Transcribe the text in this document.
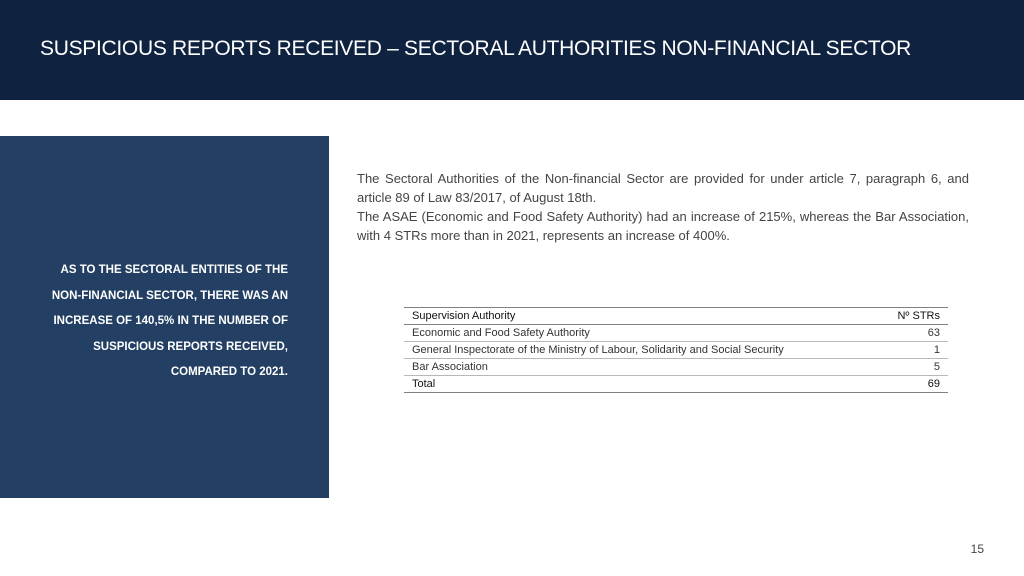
SUSPICIOUS REPORTS RECEIVED – SECTORAL AUTHORITIES NON-FINANCIAL SECTOR
AS TO THE SECTORAL ENTITIES OF THE
NON-FINANCIAL SECTOR, THERE WAS AN
INCREASE OF 140,5% IN THE NUMBER OF
SUSPICIOUS REPORTS RECEIVED,
COMPARED TO 2021.

The Sectoral Authorities of the Non-financial Sector are provided for under article 7, paragraph 6, and article 89 of Law 83/2017, of August 18th.

The ASAE (Economic and Food Safety Authority) had an increase of 215%, whereas the Bar Association, with 4 STRs more than in 2021, represents an increase of 400%.

Supervision Authority	Nº STRs
Economic and Food Safety Authority	63
General Inspectorate of the Ministry of Labour, Solidarity and Social Security	1
Bar Association	5
Total	69
15
